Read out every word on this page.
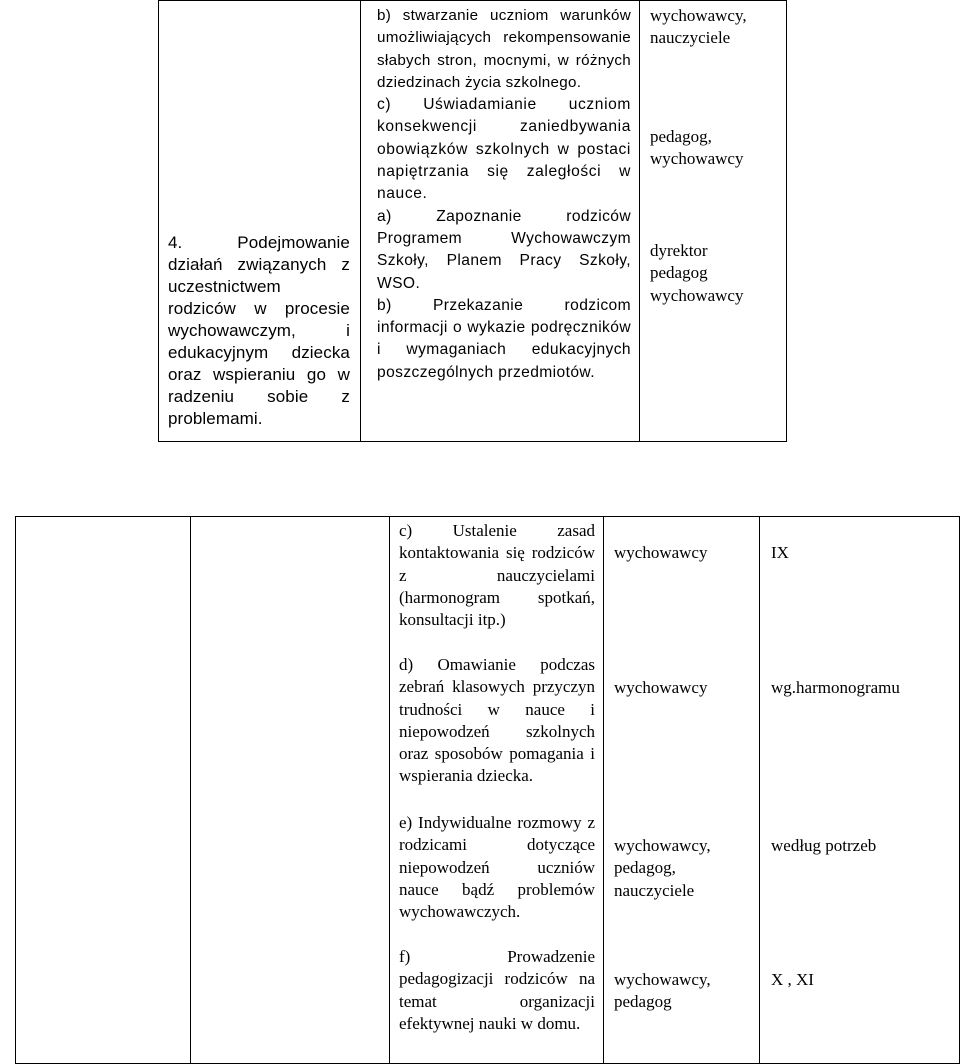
4. Podejmowanie działań związanych z uczestnictwem rodziców w procesie wychowawczym, i edukacyjnym dziecka oraz wspieraniu go w radzeniu sobie z problemami.
b) stwarzanie uczniom warunków umożliwiających rekompensowanie słabych stron, mocnymi, w różnych dziedzinach życia szkolnego.
c) Uświadamianie uczniom konsekwencji zaniedbywania obowiązków szkolnych w postaci napiętrzania się zaległości w nauce.
a) Zapoznanie rodziców Programem Wychowawczym Szkoły, Planem Pracy Szkoły, WSO.
b) Przekazanie rodzicom informacji o wykazie podręczników i wymaganiach edukacyjnych poszczególnych przedmiotów.
wychowawcy,
nauczyciele
pedagog,
wychowawcy
dyrektor
pedagog
wychowawcy
c) Ustalenie zasad kontaktowania się rodziców z nauczycielami (harmonogram spotkań, konsultacji itp.)
wychowawcy	IX
d) Omawianie podczas zebrań klasowych przyczyn trudności w nauce i niepowodzeń szkolnych oraz sposobów pomagania i wspierania dziecka.
wychowawcy	wg.harmonogramu
e) Indywidualne rozmowy z rodzicami dotyczące niepowodzeń uczniów nauce bądź problemów wychowawczych.
wychowawcy,
pedagog,
nauczyciele
według potrzeb
f) Prowadzenie pedagogizacji rodziców na temat organizacji efektywnej nauki w domu.
wychowawcy,
pedagog
X , XI
